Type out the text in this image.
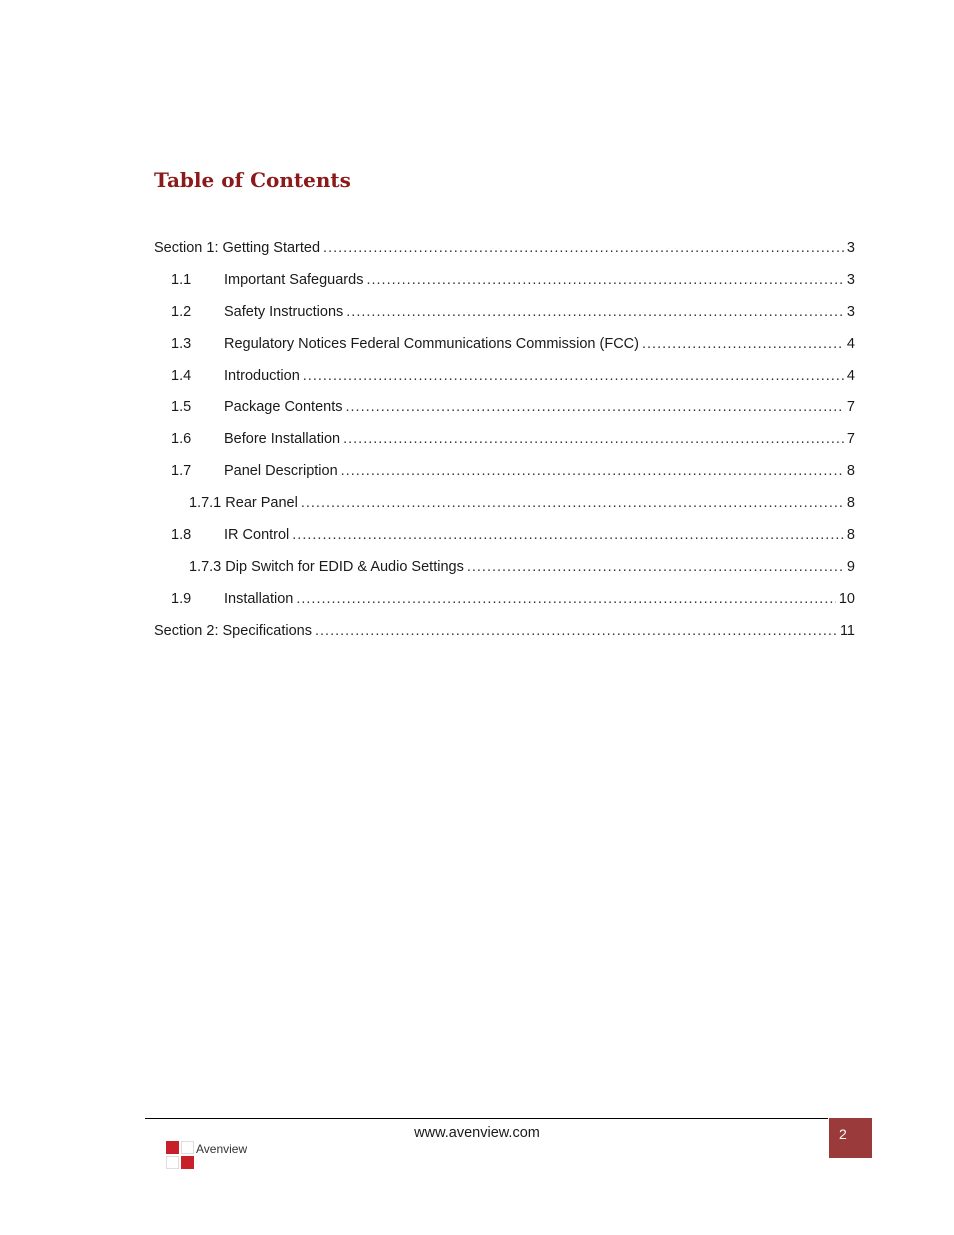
Table of Contents
Section 1: Getting Started .....	3
1.1	Important Safeguards .....	3
1.2	Safety Instructions .....	3
1.3	Regulatory Notices Federal Communications Commission (FCC) .....	4
1.4	Introduction .....	4
1.5	Package Contents .....	7
1.6	Before Installation .....	7
1.7	Panel Description .....	8
1.7.1 Rear Panel .....	8
1.8	IR Control .....	8
1.7.3 Dip Switch for EDID & Audio Settings .....	9
1.9	Installation .....	10
Section 2: Specifications .....	11
www.avenview.com	2
Avenview
